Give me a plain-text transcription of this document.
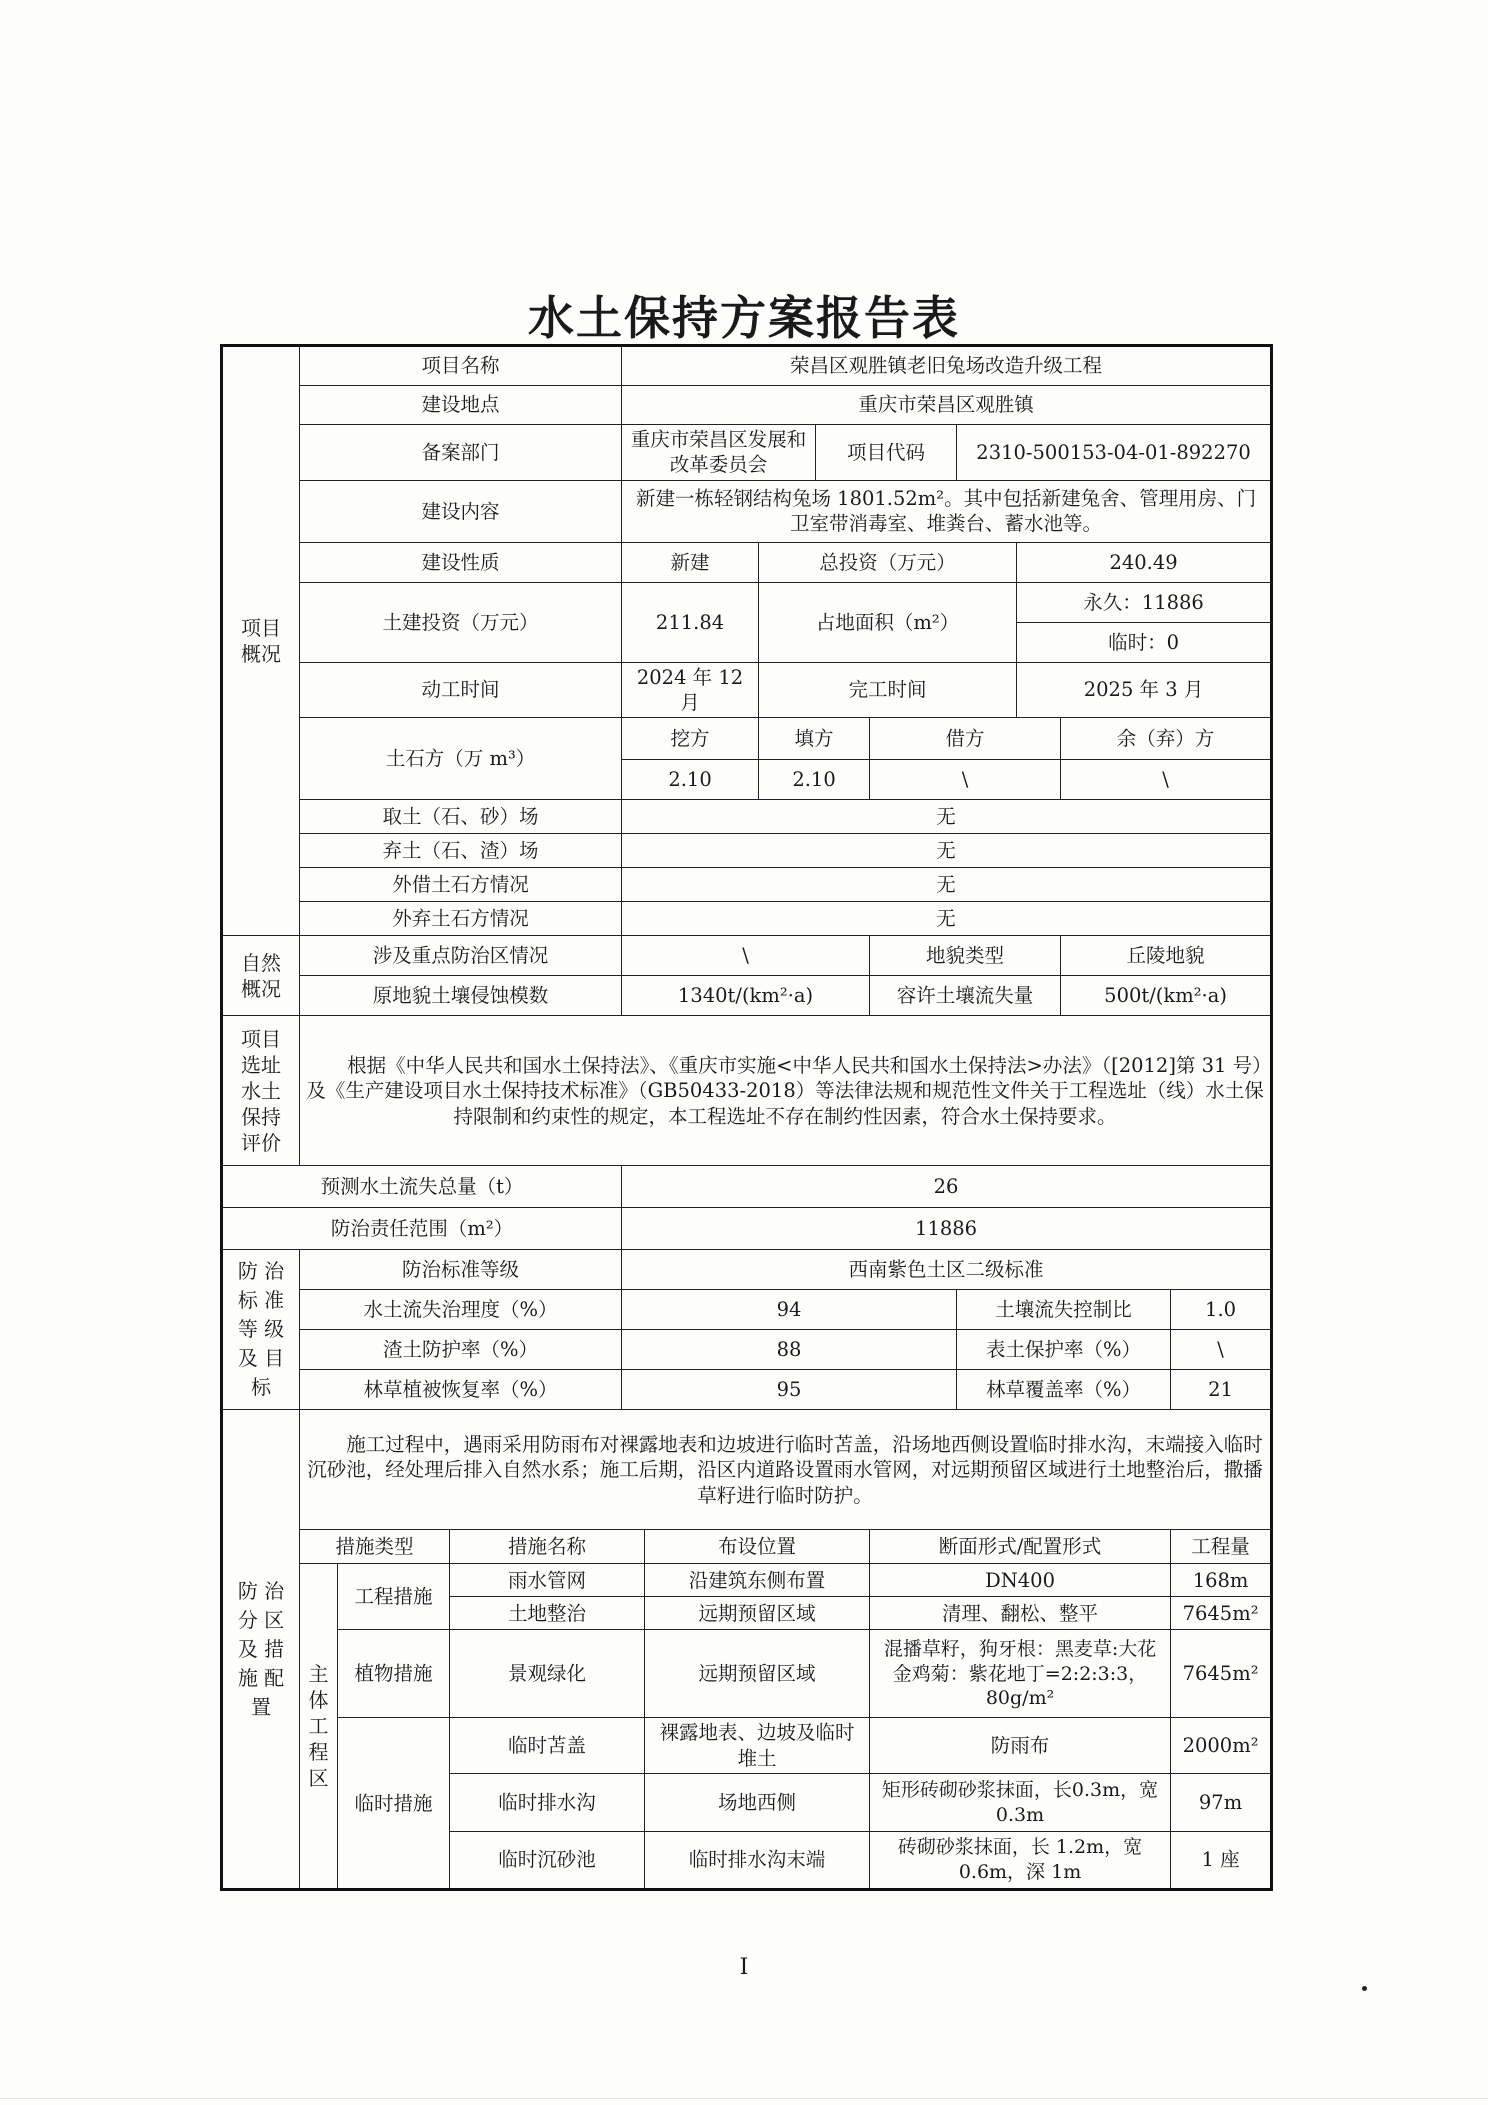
水土保持方案报告表
项目
概况	项目名称			荣昌区观胜镇老旧兔场改造升级工程								
	建设地点			重庆市荣昌区观胜镇								
	备案部门			重庆市荣昌区发展和改革委员会			项目代码		2310-500153-04-01-892270			
	建设内容			新建一栋轻钢结构兔场 1801.52m²。其中包括新建兔舍、管理用房、门卫室带消毒室、堆粪台、蓄水池等。								
	建设性质			新建		总投资（万元）				240.49		
	土建投资（万元）			211.84		占地面积（m²）				永久：11886		
										临时：0		
	动工时间			2024 年 12 月		完工时间				2025 年 3 月		
	土石方（万 m³）			挖方		填方		借方			余（弃）方	
				2.10		2.10		\			\	
	取土（石、砂）场			无								
	弃土（石、渣）场			无								
	外借土石方情况			无								
	外弃土石方情况			无								
自然
概况	涉及重点防治区情况			\				地貌类型			丘陵地貌	
	原地貌土壤侵蚀模数			1340t/(km²·a)				容许土壤流失量			500t/(km²·a)	
项目
选址
水土
保持
评价	根据《中华人民共和国水土保持法》、《重庆市实施<中华人民共和国水土保持法>办法》（[2012]第 31 号）及《生产建设项目水土保持技术标准》（GB50433-2018）等法律法规和规范性文件关于工程选址（线）水土保持限制和约束性的规定，本工程选址不存在制约性因素，符合水土保持要求。											
预测水土流失总量（t）				26								
防治责任范围（m²）				11886								
防 治
标 准
等 级
及 目
标	防治标准等级			西南紫色土区二级标准								
	水土流失治理度（%）			94					土壤流失控制比			1.0
	渣土防护率（%）			88					表土保护率（%）			\
	林草植被恢复率（%）			95					林草覆盖率（%）			21
防 治
分 区
及 措
施 配
置	施工过程中，遇雨采用防雨布对裸露地表和边坡进行临时苫盖，沿场地西侧设置临时排水沟，末端接入临时沉砂池，经处理后排入自然水系；施工后期，沿区内道路设置雨水管网，对远期预留区域进行土地整治后，撒播草籽进行临时防护。											
	措施类型		措施名称		布设位置			断面形式/配置形式				工程量
	主
体
工
程
区	工程措施	雨水管网		沿建筑东侧布置			DN400				168m
			土地整治		远期预留区域			清理、翻松、整平				7645m²
		植物措施	景观绿化		远期预留区域			混播草籽，狗牙根：黑麦草:大花金鸡菊：紫花地丁=2:2:3:3，80g/m²				7645m²
		临时措施	临时苫盖		裸露地表、边坡及临时堆土			防雨布				2000m²
			临时排水沟		场地西侧			矩形砖砌砂浆抹面，长0.3m，宽 0.3m				97m
			临时沉砂池		临时排水沟末端			砖砌砂浆抹面，长 1.2m，宽 0.6m，深 1m				1 座
I
